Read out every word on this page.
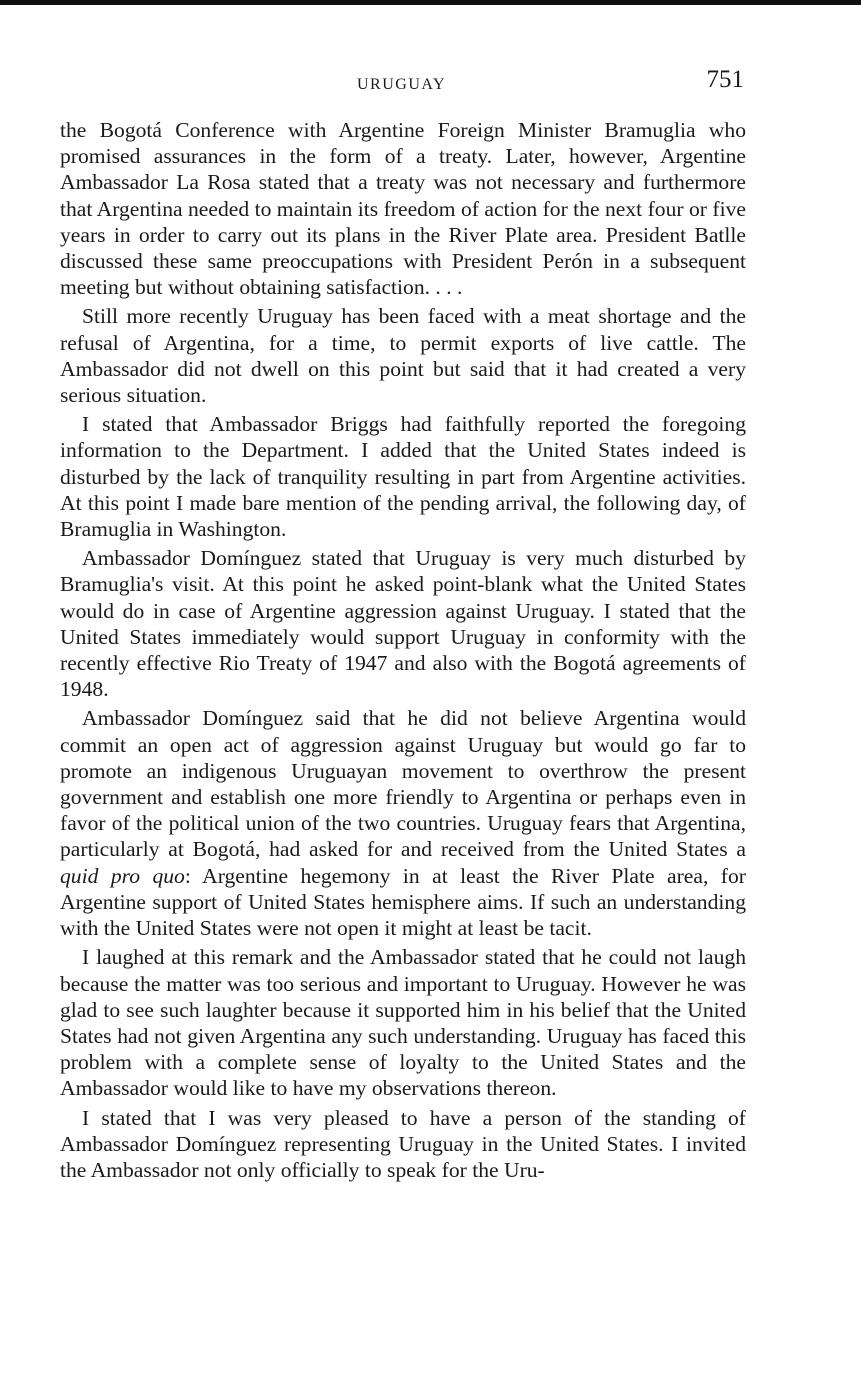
URUGUAY	751

the Bogotá Conference with Argentine Foreign Minister Bramuglia who promised assurances in the form of a treaty. Later, however, Argentine Ambassador La Rosa stated that a treaty was not necessary and furthermore that Argentina needed to maintain its freedom of action for the next four or five years in order to carry out its plans in the River Plate area. President Batlle discussed these same preoccupations with President Perón in a subsequent meeting but without obtaining satisfaction. . . .

Still more recently Uruguay has been faced with a meat shortage and the refusal of Argentina, for a time, to permit exports of live cattle. The Ambassador did not dwell on this point but said that it had created a very serious situation.

I stated that Ambassador Briggs had faithfully reported the foregoing information to the Department. I added that the United States indeed is disturbed by the lack of tranquility resulting in part from Argentine activities. At this point I made bare mention of the pending arrival, the following day, of Bramuglia in Washington.

Ambassador Domínguez stated that Uruguay is very much disturbed by Bramuglia's visit. At this point he asked point-blank what the United States would do in case of Argentine aggression against Uruguay. I stated that the United States immediately would support Uruguay in conformity with the recently effective Rio Treaty of 1947 and also with the Bogotá agreements of 1948.

Ambassador Domínguez said that he did not believe Argentina would commit an open act of aggression against Uruguay but would go far to promote an indigenous Uruguayan movement to overthrow the present government and establish one more friendly to Argentina or perhaps even in favor of the political union of the two countries. Uruguay fears that Argentina, particularly at Bogotá, had asked for and received from the United States a quid pro quo: Argentine hegemony in at least the River Plate area, for Argentine support of United States hemisphere aims. If such an understanding with the United States were not open it might at least be tacit.

I laughed at this remark and the Ambassador stated that he could not laugh because the matter was too serious and important to Uruguay. However he was glad to see such laughter because it supported him in his belief that the United States had not given Argentina any such understanding. Uruguay has faced this problem with a complete sense of loyalty to the United States and the Ambassador would like to have my observations thereon.

I stated that I was very pleased to have a person of the standing of Ambassador Domínguez representing Uruguay in the United States. I invited the Ambassador not only officially to speak for the Uru-
